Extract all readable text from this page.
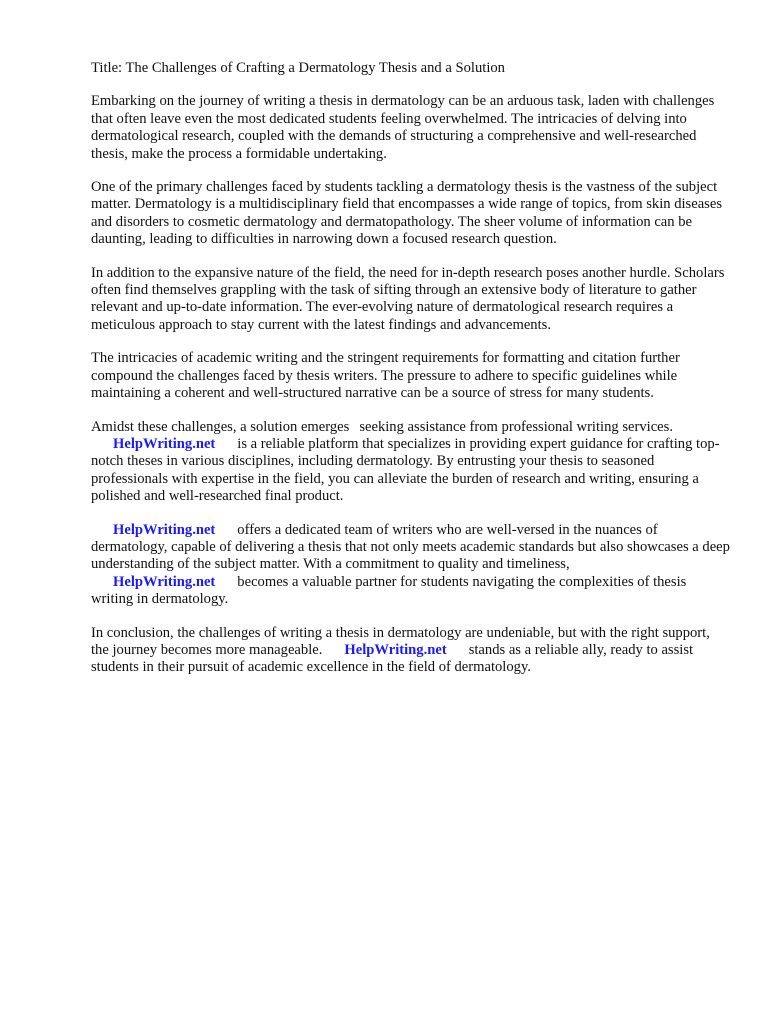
Title: The Challenges of Crafting a Dermatology Thesis and a Solution

Embarking on the journey of writing a thesis in dermatology can be an arduous task, laden with challenges that often leave even the most dedicated students feeling overwhelmed. The intricacies of delving into dermatological research, coupled with the demands of structuring a comprehensive and well-researched thesis, make the process a formidable undertaking.

One of the primary challenges faced by students tackling a dermatology thesis is the vastness of the subject matter. Dermatology is a multidisciplinary field that encompasses a wide range of topics, from skin diseases and disorders to cosmetic dermatology and dermatopathology. The sheer volume of information can be daunting, leading to difficulties in narrowing down a focused research question.

In addition to the expansive nature of the field, the need for in-depth research poses another hurdle. Scholars often find themselves grappling with the task of sifting through an extensive body of literature to gather relevant and up-to-date information. The ever-evolving nature of dermatological research requires a meticulous approach to stay current with the latest findings and advancements.

The intricacies of academic writing and the stringent requirements for formatting and citation further compound the challenges faced by thesis writers. The pressure to adhere to specific guidelines while maintaining a coherent and well-structured narrative can be a source of stress for many students.

Amidst these challenges, a solution emerges seeking assistance from professional writing services.
HelpWriting.net is a reliable platform that specializes in providing expert guidance for crafting top-notch theses in various disciplines, including dermatology. By entrusting your thesis to seasoned professionals with expertise in the field, you can alleviate the burden of research and writing, ensuring a polished and well-researched final product.

HelpWriting.net offers a dedicated team of writers who are well-versed in the nuances of dermatology, capable of delivering a thesis that not only meets academic standards but also showcases a deep understanding of the subject matter. With a commitment to quality and timeliness,
HelpWriting.net becomes a valuable partner for students navigating the complexities of thesis writing in dermatology.

In conclusion, the challenges of writing a thesis in dermatology are undeniable, but with the right support, the journey becomes more manageable. HelpWriting.net stands as a reliable ally, ready to assist students in their pursuit of academic excellence in the field of dermatology.
